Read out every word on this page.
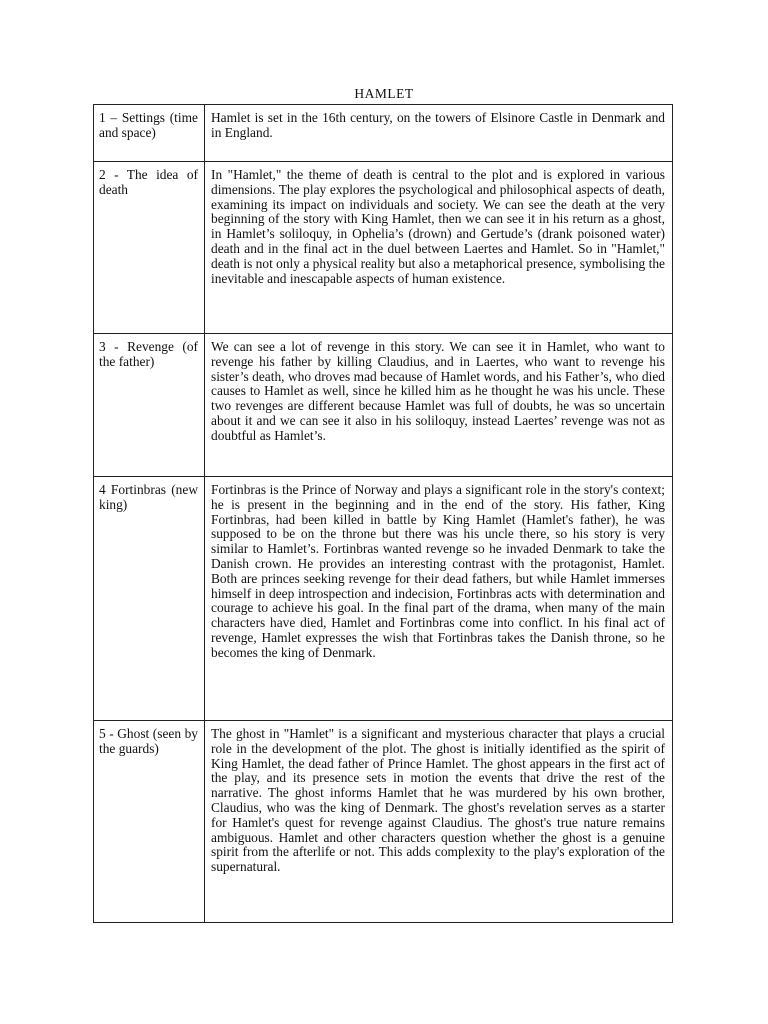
HAMLET
1 – Settings (time and space)	Hamlet is set in the 16th century, on the towers of Elsinore Castle in Denmark and in England.
2 - The idea of death	In "Hamlet," the theme of death is central to the plot and is explored in various dimensions. The play explores the psychological and philosophical aspects of death, examining its impact on individuals and society. We can see the death at the very beginning of the story with King Hamlet, then we can see it in his return as a ghost, in Hamlet’s soliloquy, in Ophelia’s (drown) and Gertude’s (drank poisoned water) death and in the final act in the duel between Laertes and Hamlet. So in "Hamlet," death is not only a physical reality but also a metaphorical presence, symbolising the inevitable and inescapable aspects of human existence.
3 - Revenge (of the father)	We can see a lot of revenge in this story. We can see it in Hamlet, who want to revenge his father by killing Claudius, and in Laertes, who want to revenge his sister’s death, who droves mad because of Hamlet words, and his Father’s, who died causes to Hamlet as well, since he killed him as he thought he was his uncle. These two revenges are different because Hamlet was full of doubts, he was so uncertain about it and we can see it also in his soliloquy, instead Laertes’ revenge was not as doubtful as Hamlet’s.
4 Fortinbras (new king)	Fortinbras is the Prince of Norway and plays a significant role in the story's context; he is present in the beginning and in the end of the story. His father, King Fortinbras, had been killed in battle by King Hamlet (Hamlet's father), he was supposed to be on the throne but there was his uncle there, so his story is very similar to Hamlet’s. Fortinbras wanted revenge so he invaded Denmark to take the Danish crown. He provides an interesting contrast with the protagonist, Hamlet. Both are princes seeking revenge for their dead fathers, but while Hamlet immerses himself in deep introspection and indecision, Fortinbras acts with determination and courage to achieve his goal. In the final part of the drama, when many of the main characters have died, Hamlet and Fortinbras come into conflict. In his final act of revenge, Hamlet expresses the wish that Fortinbras takes the Danish throne, so he becomes the king of Denmark.
5 - Ghost (seen by the guards)	The ghost in "Hamlet" is a significant and mysterious character that plays a crucial role in the development of the plot. The ghost is initially identified as the spirit of King Hamlet, the dead father of Prince Hamlet. The ghost appears in the first act of the play, and its presence sets in motion the events that drive the rest of the narrative. The ghost informs Hamlet that he was murdered by his own brother, Claudius, who was the king of Denmark. The ghost's revelation serves as a starter for Hamlet's quest for revenge against Claudius. The ghost's true nature remains ambiguous. Hamlet and other characters question whether the ghost is a genuine spirit from the afterlife or not. This adds complexity to the play's exploration of the supernatural.
